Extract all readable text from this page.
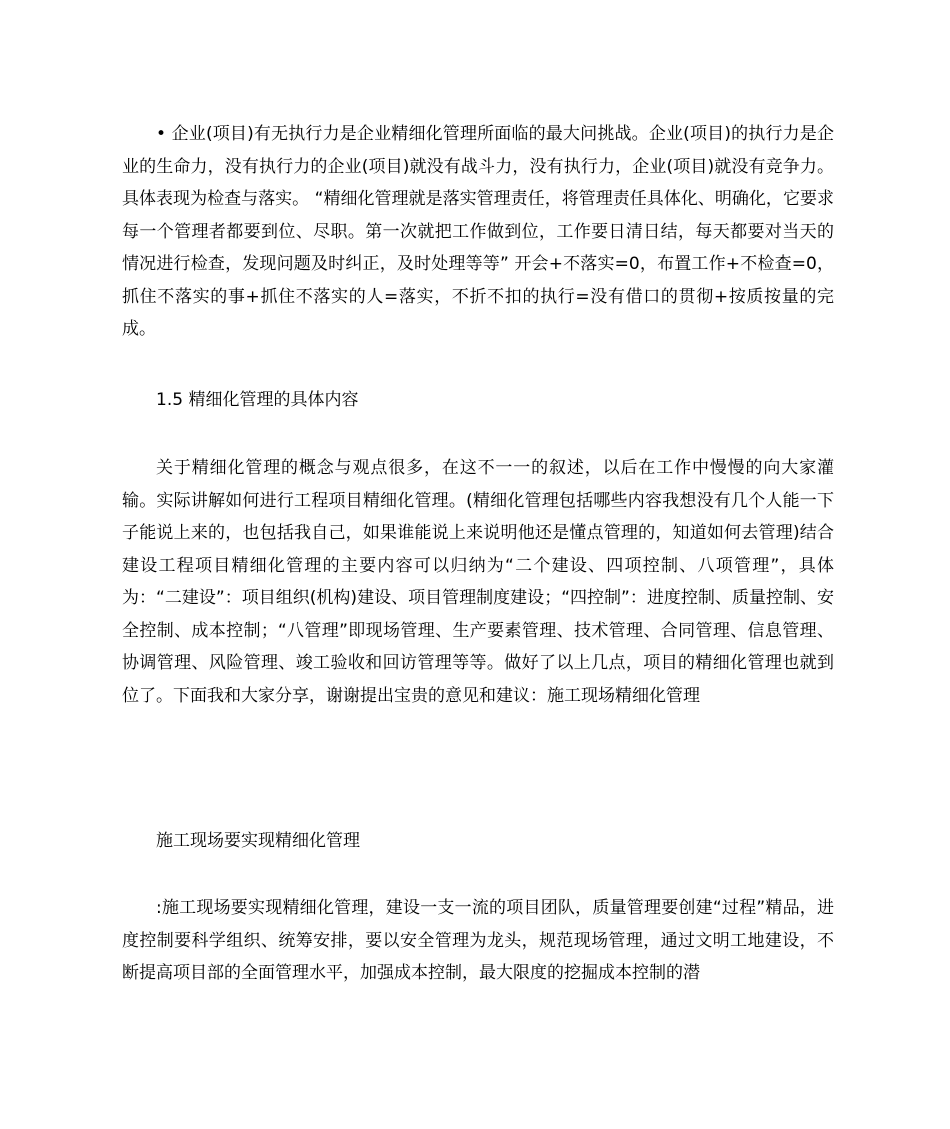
• 企业(项目)有无执行力是企业精细化管理所面临的最大问挑战。企业(项目)的执行力是企业的生命力，没有执行力的企业(项目)就没有战斗力，没有执行力，企业(项目)就没有竞争力。具体表现为检查与落实。 “精细化管理就是落实管理责任，将管理责任具体化、明确化，它要求每一个管理者都要到位、尽职。第一次就把工作做到位，工作要日清日结，每天都要对当天的情况进行检查，发现问题及时纠正，及时处理等等” 开会+不落实=0，布置工作+不检查=0，抓住不落实的事+抓住不落实的人=落实，不折不扣的执行=没有借口的贯彻+按质按量的完成。

1.5 精细化管理的具体内容

关于精细化管理的概念与观点很多，在这不一一的叙述，以后在工作中慢慢的向大家灌输。实际讲解如何进行工程项目精细化管理。(精细化管理包括哪些内容我想没有几个人能一下子能说上来的，也包括我自己，如果谁能说上来说明他还是懂点管理的，知道如何去管理)结合建设工程项目精细化管理的主要内容可以归纳为“二个建设、四项控制、八项管理”，具体为：“二建设”：项目组织(机构)建设、项目管理制度建设；“四控制”：进度控制、质量控制、安全控制、成本控制；“八管理”即现场管理、生产要素管理、技术管理、合同管理、信息管理、协调管理、风险管理、竣工验收和回访管理等等。做好了以上几点，项目的精细化管理也就到位了。下面我和大家分享，谢谢提出宝贵的意见和建议：施工现场精细化管理

施工现场要实现精细化管理

:施工现场要实现精细化管理，建设一支一流的项目团队，质量管理要创建“过程”精品，进度控制要科学组织、统筹安排，要以安全管理为龙头，规范现场管理，通过文明工地建设，不断提高项目部的全面管理水平，加强成本控制，最大限度的挖掘成本控制的潜
